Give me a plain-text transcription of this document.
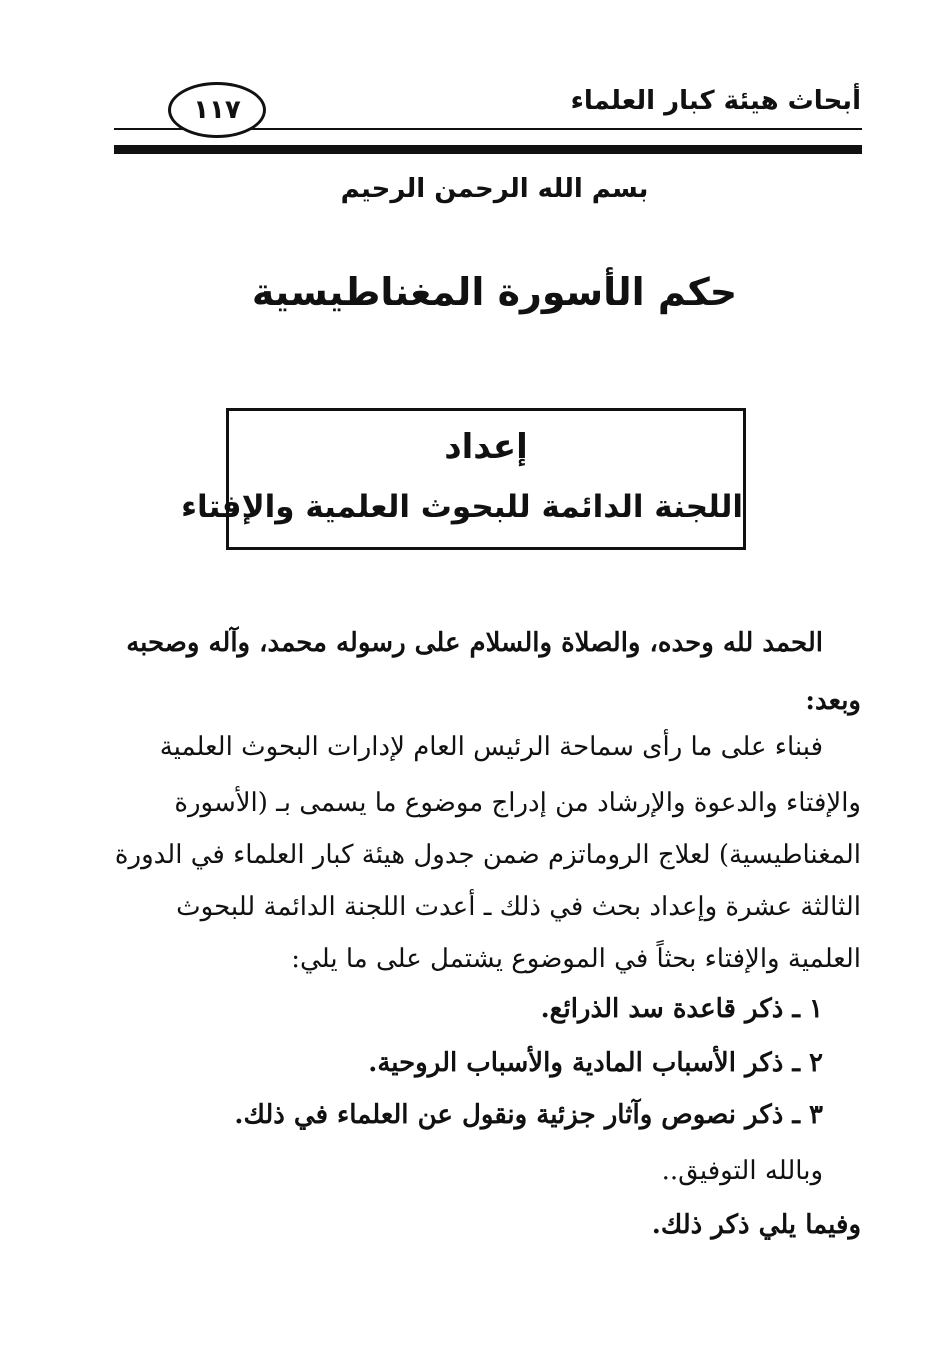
أبحاث هيئة كبار العلماء
١١٧
بسم الله الرحمن الرحيم
حكم الأسورة المغناطيسية
إعداد
اللجنة الدائمة للبحوث العلمية والإفتاء
الحمد لله وحده، والصلاة والسلام على رسوله محمد، وآله وصحبه
وبعد:
فبناء على ما رأى سماحة الرئيس العام لإدارات البحوث العلمية
والإفتاء والدعوة والإرشاد من إدراج موضوع ما يسمى بـ (الأسورة
المغناطيسية) لعلاج الروماتزم ضمن جدول هيئة كبار العلماء في الدورة
الثالثة عشرة وإعداد بحث في ذلك ـ أعدت اللجنة الدائمة للبحوث
العلمية والإفتاء بحثاً في الموضوع يشتمل على ما يلي:
١ ـ ذكر قاعدة سد الذرائع.
٢ ـ ذكر الأسباب المادية والأسباب الروحية.
٣ ـ ذكر نصوص وآثار جزئية ونقول عن العلماء في ذلك.
وبالله التوفيق..
وفيما يلي ذكر ذلك.
